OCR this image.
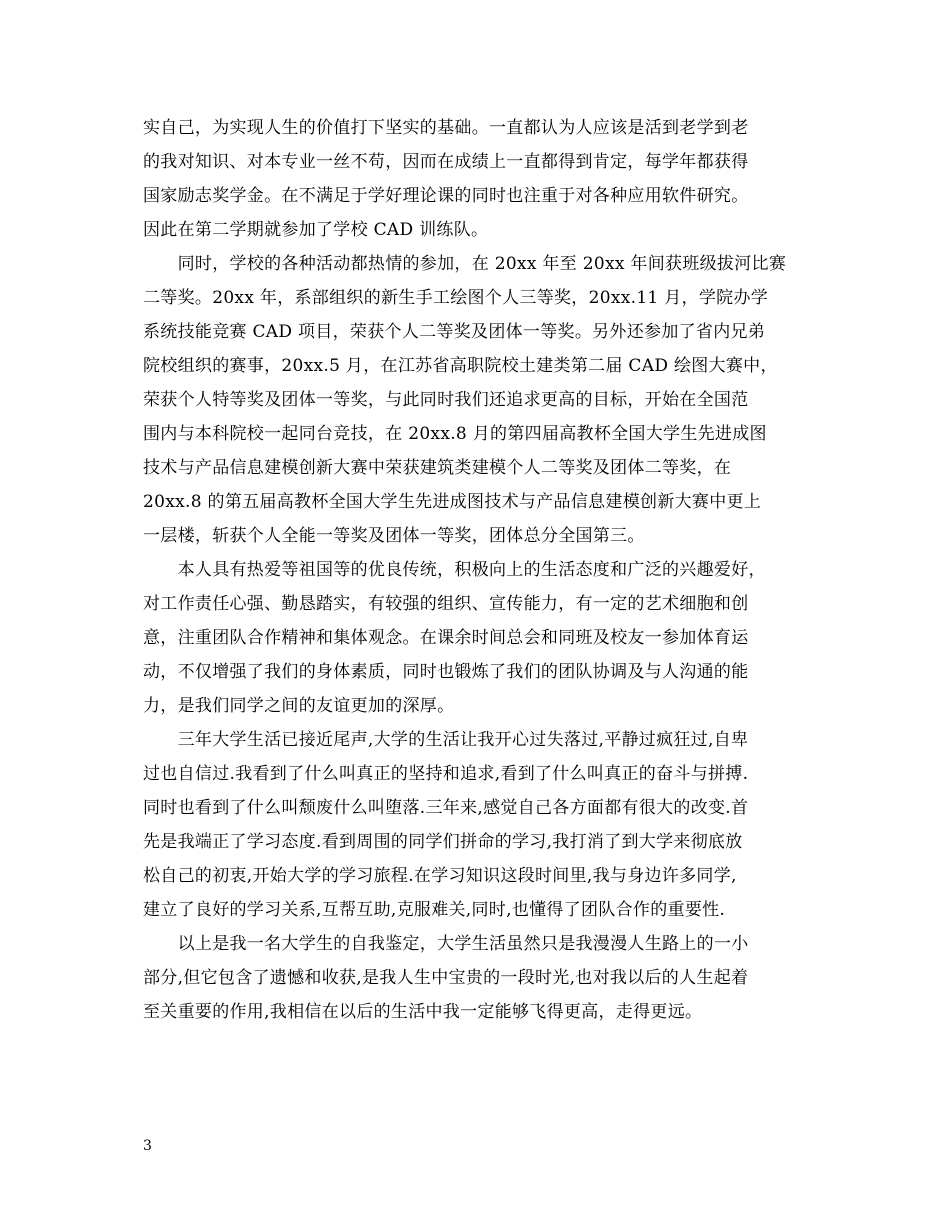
实自己，为实现人生的价值打下坚实的基础。一直都认为人应该是活到老学到老
的我对知识、对本专业一丝不苟，因而在成绩上一直都得到肯定，每学年都获得
国家励志奖学金。在不满足于学好理论课的同时也注重于对各种应用软件研究。
因此在第二学期就参加了学校 CAD 训练队。
　　同时，学校的各种活动都热情的参加，在 20xx 年至 20xx 年间获班级拔河比赛
二等奖。20xx 年，系部组织的新生手工绘图个人三等奖，20xx.11 月，学院办学
系统技能竞赛 CAD 项目，荣获个人二等奖及团体一等奖。另外还参加了省内兄弟
院校组织的赛事，20xx.5 月，在江苏省高职院校土建类第二届 CAD 绘图大赛中，
荣获个人特等奖及团体一等奖，与此同时我们还追求更高的目标，开始在全国范
围内与本科院校一起同台竞技，在 20xx.8 月的第四届高教杯全国大学生先进成图
技术与产品信息建模创新大赛中荣获建筑类建模个人二等奖及团体二等奖，在
20xx.8 的第五届高教杯全国大学生先进成图技术与产品信息建模创新大赛中更上
一层楼，斩获个人全能一等奖及团体一等奖，团体总分全国第三。
　　本人具有热爱等祖国等的优良传统，积极向上的生活态度和广泛的兴趣爱好，
对工作责任心强、勤恳踏实，有较强的组织、宣传能力，有一定的艺术细胞和创
意，注重团队合作精神和集体观念。在课余时间总会和同班及校友一参加体育运
动，不仅增强了我们的身体素质，同时也锻炼了我们的团队协调及与人沟通的能
力，是我们同学之间的友谊更加的深厚。
　　三年大学生活已接近尾声,大学的生活让我开心过失落过,平静过疯狂过,自卑
过也自信过.我看到了什么叫真正的坚持和追求,看到了什么叫真正的奋斗与拼搏.
同时也看到了什么叫颓废什么叫堕落.三年来,感觉自己各方面都有很大的改变.首
先是我端正了学习态度.看到周围的同学们拼命的学习,我打消了到大学来彻底放
松自己的初衷,开始大学的学习旅程.在学习知识这段时间里,我与身边许多同学,
建立了良好的学习关系,互帮互助,克服难关,同时,也懂得了团队合作的重要性.
　　以上是我一名大学生的自我鉴定，大学生活虽然只是我漫漫人生路上的一小
部分,但它包含了遗憾和收获,是我人生中宝贵的一段时光,也对我以后的人生起着
至关重要的作用,我相信在以后的生活中我一定能够飞得更高，走得更远。
3
